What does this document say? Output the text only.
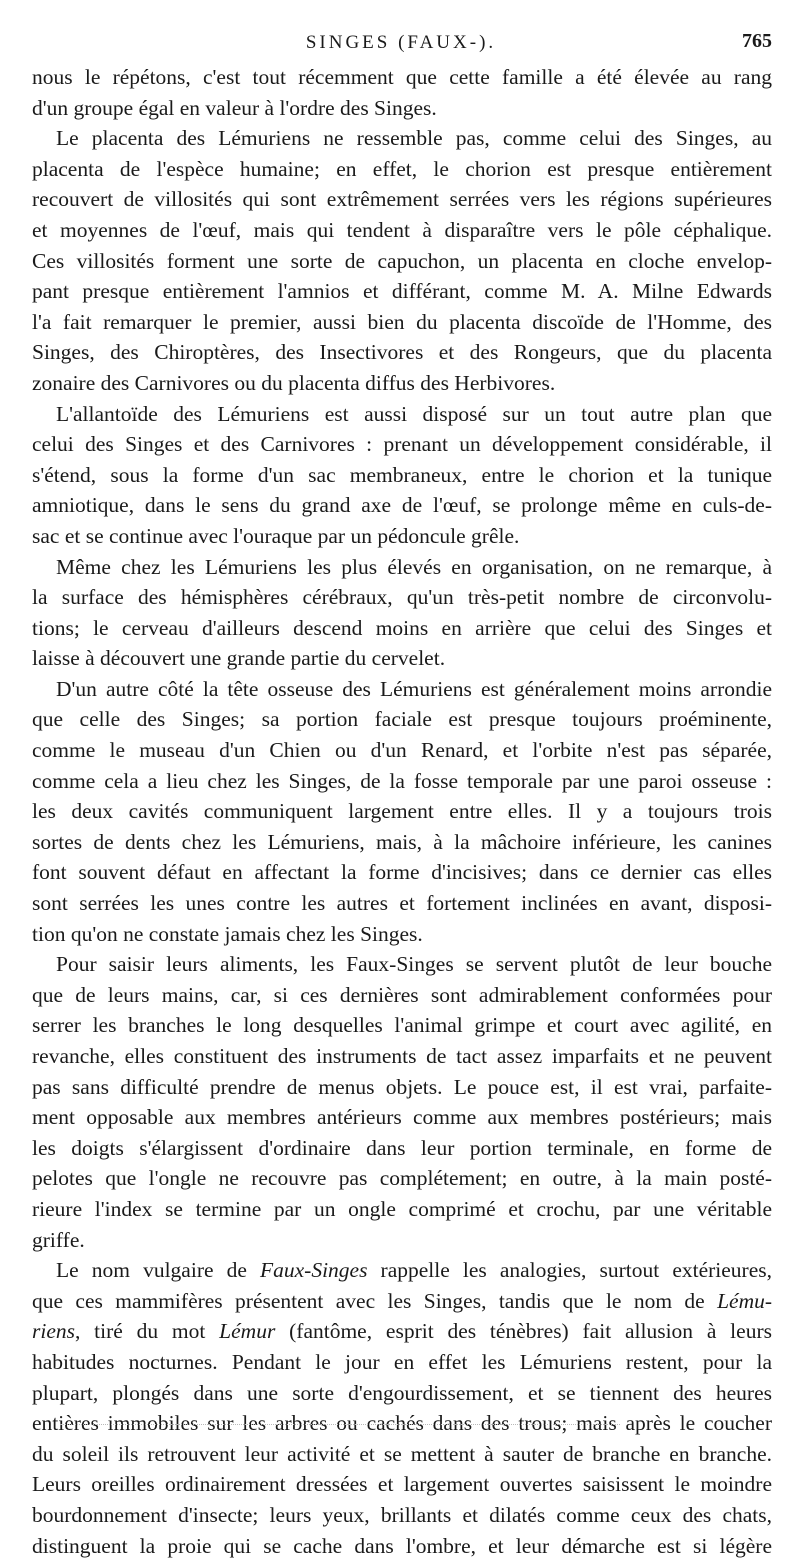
SINGES (FAUX-).	765
nous le répétons, c'est tout récemment que cette famille a été élevée au rang
d'un groupe égal en valeur à l'ordre des Singes.
Le placenta des Lémuriens ne ressemble pas, comme celui des Singes, au
placenta de l'espèce humaine; en effet, le chorion est presque entièrement
recouvert de villosités qui sont extrêmement serrées vers les régions supérieures
et moyennes de l'œuf, mais qui tendent à disparaître vers le pôle céphalique.
Ces villosités forment une sorte de capuchon, un placenta en cloche envelop-
pant presque entièrement l'amnios et différant, comme M. A. Milne Edwards
l'a fait remarquer le premier, aussi bien du placenta discoïde de l'Homme, des
Singes, des Chiroptères, des Insectivores et des Rongeurs, que du placenta
zonaire des Carnivores ou du placenta diffus des Herbivores.
L'allantoïde des Lémuriens est aussi disposé sur un tout autre plan que
celui des Singes et des Carnivores : prenant un développement considérable, il
s'étend, sous la forme d'un sac membraneux, entre le chorion et la tunique
amniotique, dans le sens du grand axe de l'œuf, se prolonge même en culs-de-
sac et se continue avec l'ouraque par un pédoncule grêle.
Même chez les Lémuriens les plus élevés en organisation, on ne remarque, à
la surface des hémisphères cérébraux, qu'un très-petit nombre de circonvolu-
tions; le cerveau d'ailleurs descend moins en arrière que celui des Singes et
laisse à découvert une grande partie du cervelet.
D'un autre côté la tête osseuse des Lémuriens est généralement moins arrondie
que celle des Singes; sa portion faciale est presque toujours proéminente,
comme le museau d'un Chien ou d'un Renard, et l'orbite n'est pas séparée,
comme cela a lieu chez les Singes, de la fosse temporale par une paroi osseuse :
les deux cavités communiquent largement entre elles. Il y a toujours trois
sortes de dents chez les Lémuriens, mais, à la mâchoire inférieure, les canines
font souvent défaut en affectant la forme d'incisives; dans ce dernier cas elles
sont serrées les unes contre les autres et fortement inclinées en avant, disposi-
tion qu'on ne constate jamais chez les Singes.
Pour saisir leurs aliments, les Faux-Singes se servent plutôt de leur bouche
que de leurs mains, car, si ces dernières sont admirablement conformées pour
serrer les branches le long desquelles l'animal grimpe et court avec agilité, en
revanche, elles constituent des instruments de tact assez imparfaits et ne peuvent
pas sans difficulté prendre de menus objets. Le pouce est, il est vrai, parfaite-
ment opposable aux membres antérieurs comme aux membres postérieurs; mais
les doigts s'élargissent d'ordinaire dans leur portion terminale, en forme de
pelotes que l'ongle ne recouvre pas complétement; en outre, à la main posté-
rieure l'index se termine par un ongle comprimé et crochu, par une véritable
griffe.
Le nom vulgaire de Faux-Singes rappelle les analogies, surtout extérieures,
que ces mammifères présentent avec les Singes, tandis que le nom de Lému-
riens, tiré du mot Lémur (fantôme, esprit des ténèbres) fait allusion à leurs
habitudes nocturnes. Pendant le jour en effet les Lémuriens restent, pour la
plupart, plongés dans une sorte d'engourdissement, et se tiennent des heures
entières immobiles sur les arbres ou cachés dans des trous; mais après le coucher
du soleil ils retrouvent leur activité et se mettent à sauter de branche en branche.
Leurs oreilles ordinairement dressées et largement ouvertes saisissent le moindre
bourdonnement d'insecte; leurs yeux, brillants et dilatés comme ceux des chats,
distinguent la proie qui se cache dans l'ombre, et leur démarche est si légère
